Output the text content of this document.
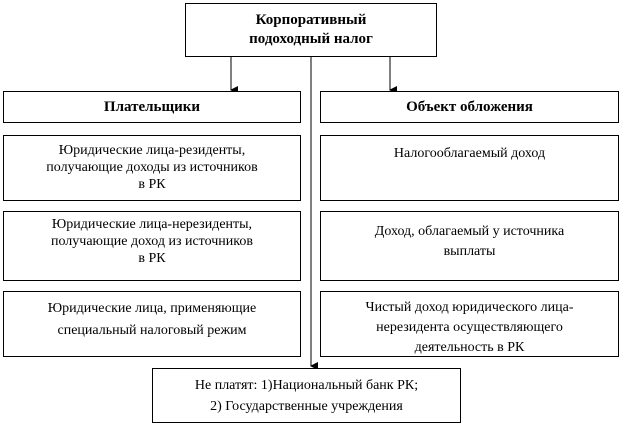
Корпоративный
подоходный налог
Плательщики	Объект обложения
Юридические лица-резиденты,
получающие доходы из источников
в РК
Юридические лица-нерезиденты,
получающие доход из источников
в РК
Юридические лица, применяющие
специальный налоговый режим
Налогооблагаемый доход
Доход, облагаемый у источника
выплаты
Чистый доход юридического лица-
нерезидента осуществляющего
деятельность в РК
Не платят: 1)Национальный банк РК;
2) Государственные учреждения
